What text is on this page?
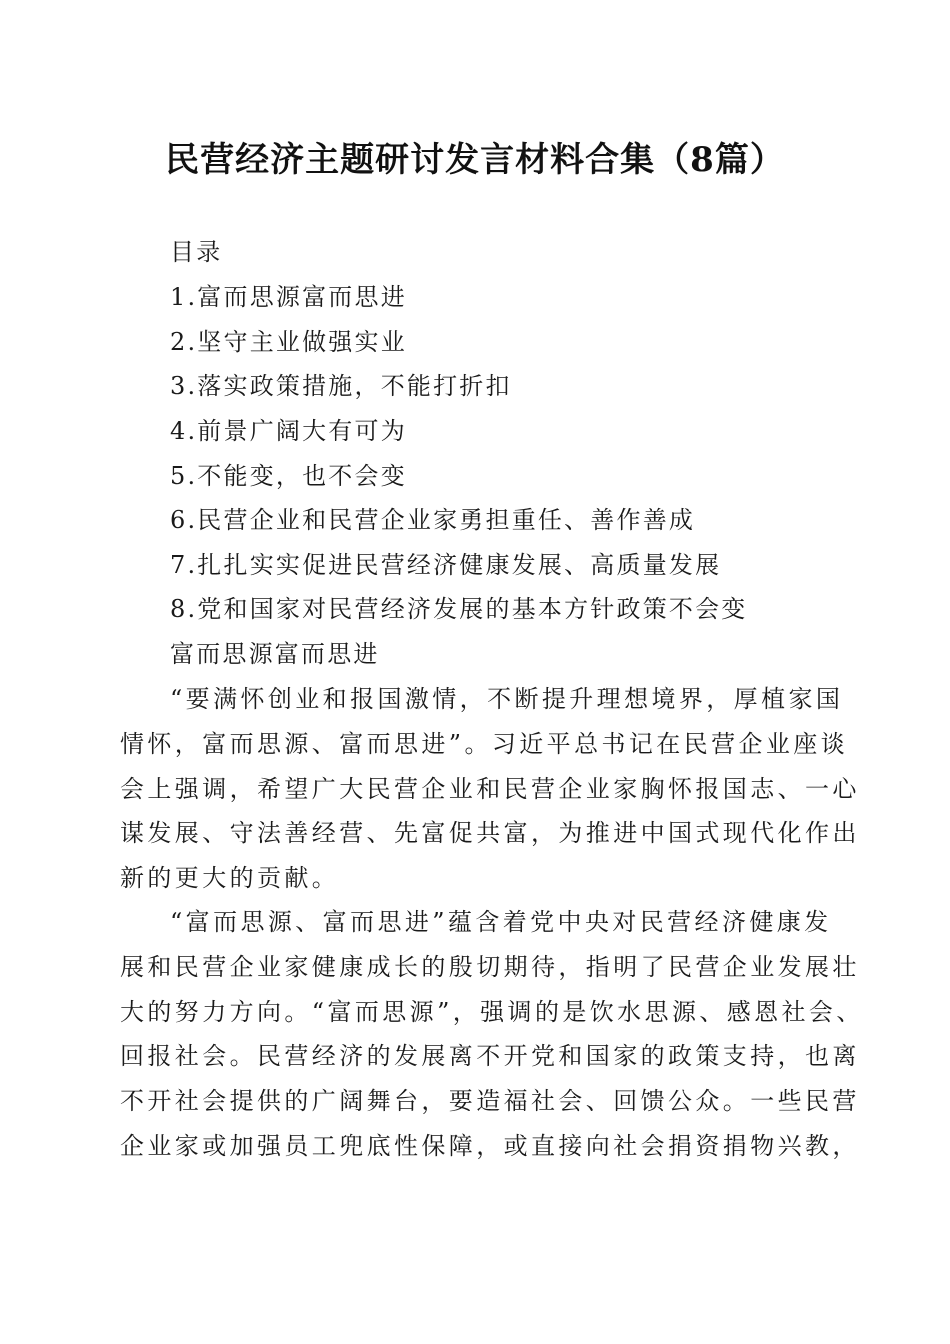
民营经济主题研讨发言材料合集（8篇）

目录

1.富而思源富而思进

2.坚守主业做强实业

3.落实政策措施，不能打折扣

4.前景广阔大有可为

5.不能变，也不会变

6.民营企业和民营企业家勇担重任、善作善成

7.扎扎实实促进民营经济健康发展、高质量发展

8.党和国家对民营经济发展的基本方针政策不会变

富而思源富而思进

“要满怀创业和报国激情，不断提升理想境界，厚植家国

情怀，富而思源、富而思进”。习近平总书记在民营企业座谈

会上强调，希望广大民营企业和民营企业家胸怀报国志、一心

谋发展、守法善经营、先富促共富，为推进中国式现代化作出

新的更大的贡献。

“富而思源、富而思进”蕴含着党中央对民营经济健康发

展和民营企业家健康成长的殷切期待，指明了民营企业发展壮

大的努力方向。“富而思源”，强调的是饮水思源、感恩社会、

回报社会。民营经济的发展离不开党和国家的政策支持，也离

不开社会提供的广阔舞台，要造福社会、回馈公众。一些民营

企业家或加强员工兜底性保障，或直接向社会捐资捐物兴教，
